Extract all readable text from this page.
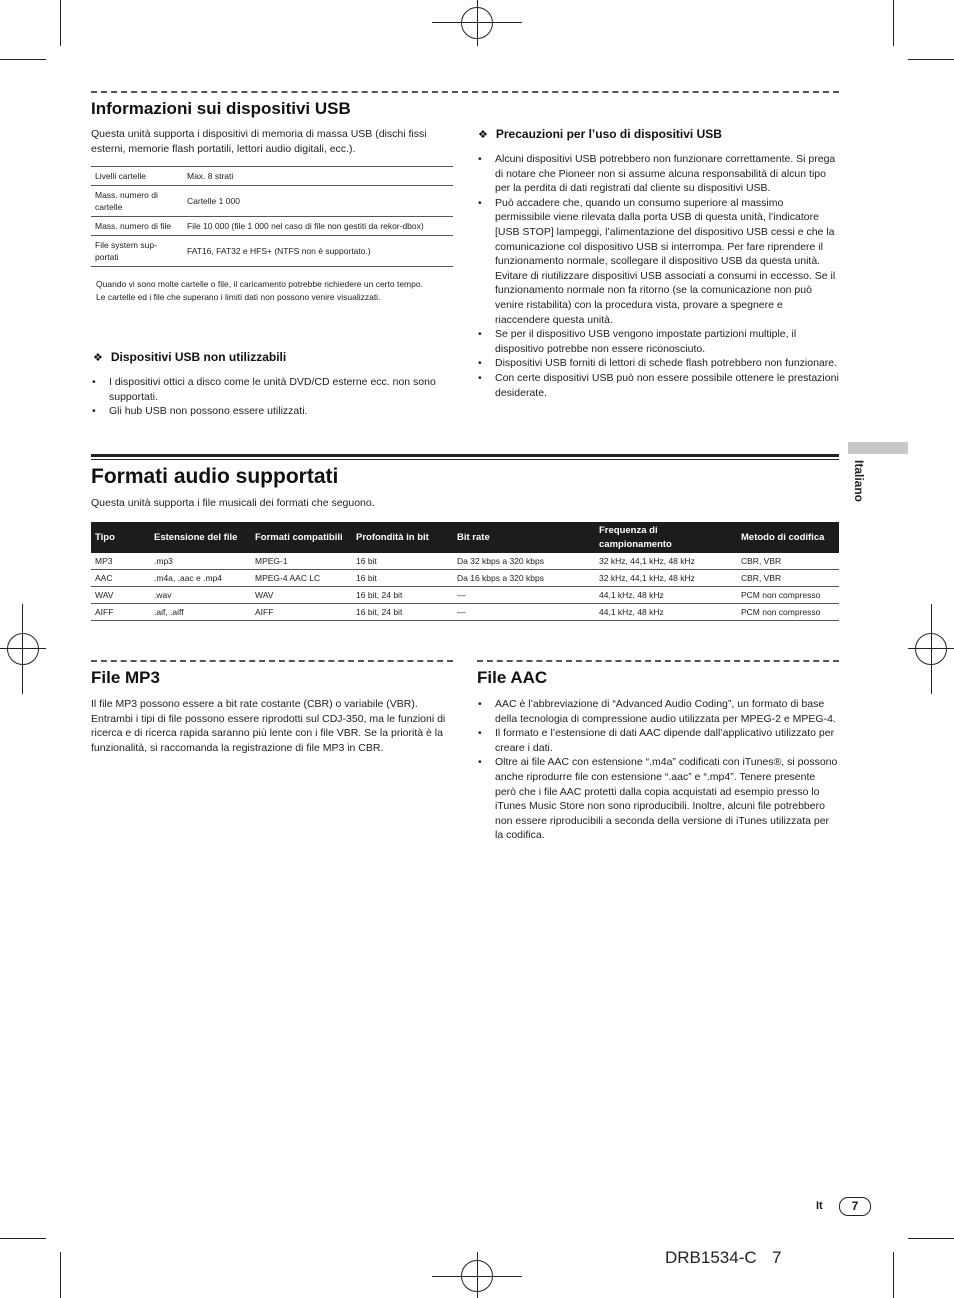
Informazioni sui dispositivi USB

Questa unità supporta i dispositivi di memoria di massa USB (dischi fissi esterni, memorie flash portatili, lettori audio digitali, ecc.).

Livelli cartelle	Max. 8 strati
Mass. numero di cartelle	Cartelle 1 000
Mass. numero di file	File 10 000 (file 1 000 nel caso di file non gestiti da rekor-dbox)
File system sup-portati	FAT16, FAT32 e HFS+ (NTFS non è supportato.)
Quando vi sono molte cartelle o file, il caricamento potrebbe richiedere un certo tempo.
Le cartelle ed i file che superano i limiti dati non possono venire visualizzati.
❖ Dispositivi USB non utilizzabili
• I dispositivi ottici a disco come le unità DVD/CD esterne ecc. non sono supportati.
• Gli hub USB non possono essere utilizzati.
❖ Precauzioni per l’uso di dispositivi USB
• Alcuni dispositivi USB potrebbero non funzionare correttamente. Si prega di notare che Pioneer non si assume alcuna responsabilità di alcun tipo per la perdita di dati registrati dal cliente su dispositivi USB.
• Può accadere che, quando un consumo superiore al massimo permissibile viene rilevata dalla porta USB di questa unità, l’indicatore [USB STOP] lampeggi, l’alimentazione del dispositivo USB cessi e che la comunicazione col dispositivo USB si interrompa. Per fare riprendere il funzionamento normale, scollegare il dispositivo USB da questa unità. Evitare di riutilizzare dispositivi USB associati a consumi in eccesso. Se il funzionamento normale non fa ritorno (se la comunicazione non può venire ristabilita) con la procedura vista, provare a spegnere e riaccendere questa unità.
• Se per il dispositivo USB vengono impostate partizioni multiple, il dispositivo potrebbe non essere riconosciuto.
• Dispositivi USB forniti di lettori di schede flash potrebbero non funzionare.
• Con certe dispositivi USB può non essere possibile ottenere le prestazioni desiderate.
Italiano
Formati audio supportati

Questa unità supporta i file musicali dei formati che seguono.

Tipo	Estensione del file	Formati compatibili	Profondità in bit	Bit rate	Frequenza di campionamento	Metodo di codifica
MP3	.mp3	MPEG-1	16 bit	Da 32 kbps a 320 kbps	32 kHz, 44,1 kHz, 48 kHz	CBR, VBR
AAC	.m4a, .aac e .mp4	MPEG-4 AAC LC	16 bit	Da 16 kbps a 320 kbps	32 kHz, 44,1 kHz, 48 kHz	CBR, VBR
WAV	.wav	WAV	16 bit, 24 bit	—	44,1 kHz, 48 kHz	PCM non compresso
AIFF	.aif, .aiff	AIFF	16 bit, 24 bit	—	44,1 kHz, 48 kHz	PCM non compresso
File MP3

Il file MP3 possono essere a bit rate costante (CBR) o variabile (VBR). Entrambi i tipi di file possono essere riprodotti sul CDJ-350, ma le funzioni di ricerca e di ricerca rapida saranno più lente con i file VBR. Se la priorità è la funzionalità, si raccomanda la registrazione di file MP3 in CBR.

File AAC
• AAC è l’abbreviazione di “Advanced Audio Coding”, un formato di base della tecnologia di compressione audio utilizzata per MPEG-2 e MPEG-4.
• Il formato e l’estensione di dati AAC dipende dall’applicativo utilizzato per creare i dati.
• Oltre ai file AAC con estensione “.m4a” codificati con iTunes®, si possono anche riprodurre file con estensione “.aac” e “.mp4”. Tenere presente però che i file AAC protetti dalla copia acquistati ad esempio presso lo iTunes Music Store non sono riproducibili. Inoltre, alcuni file potrebbero non essere riproducibili a seconda della versione di iTunes utilizzata per la codifica.
It	7
DRB1534-C 7
